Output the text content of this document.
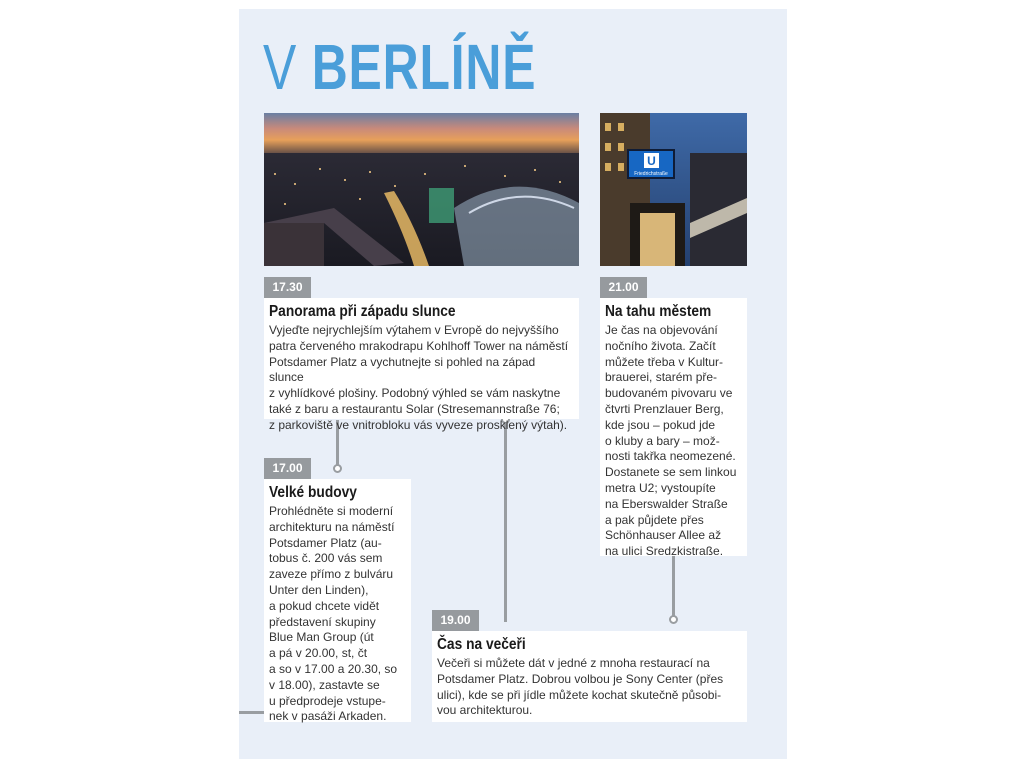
V BERLÍNĚ
U
Friedrichstraße
17.30
Panorama při západu slunce

Vyjeďte nejrychlejším výtahem v Evropě do nejvyššího
patra červeného mrakodrapu Kohlhoff Tower na náměstí
Potsdamer Platz a vychutnejte si pohled na západ slunce
z vyhlídkové plošiny. Podobný výhled se vám naskytne
také z baru a restaurantu Solar (Stresemannstraße 76;
z parkoviště ve vnitrobloku vás vyveze prosklený výtah).

21.00
Na tahu městem

Je čas na objevování
nočního života. Začít
můžete třeba v Kultur-
brauerei, starém pře-
budovaném pivovaru ve
čtvrti Prenzlauer Berg,
kde jsou – pokud jde
o kluby a bary – mož-
nosti takřka neomezené.
Dostanete se sem linkou
metra U2; vystoupíte
na Eberswalder Straße
a pak půjdete přes
Schönhauser Allee až
na ulici Sredzkistraße.

17.00
Velké budovy

Prohlédněte si moderní
architekturu na náměstí
Potsdamer Platz (au-
tobus č. 200 vás sem
zaveze přímo z bulváru
Unter den Linden),
a pokud chcete vidět
představení skupiny
Blue Man Group (út
a pá v 20.00, st, čt
a so v 17.00 a 20.30, so
v 18.00), zastavte se
u předprodeje vstupe-
nek v pasáži Arkaden.

19.00
Čas na večeři

Večeři si můžete dát v jedné z mnoha restaurací na
Potsdamer Platz. Dobrou volbou je Sony Center (přes
ulici), kde se při jídle můžete kochat skutečně působi-
vou architekturou.
